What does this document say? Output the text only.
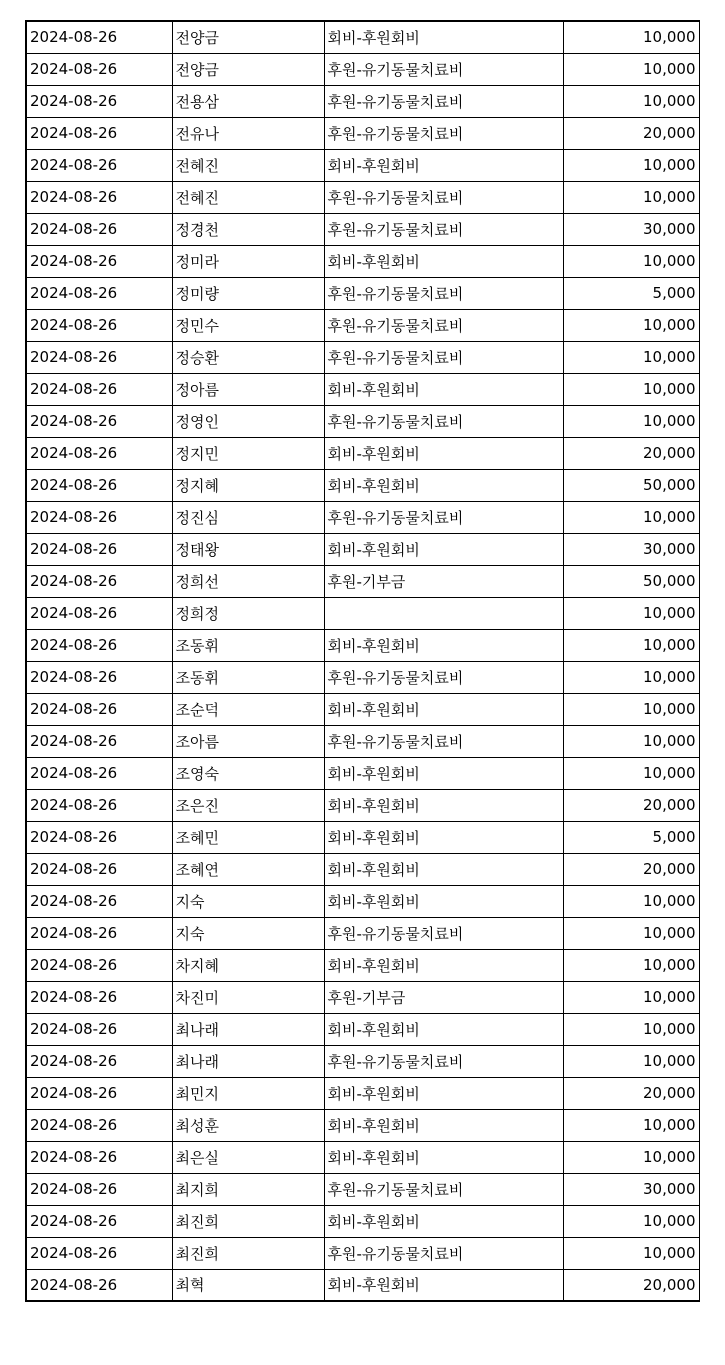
2024-08-26	전양금	회비-후원회비	10,000
2024-08-26	전양금	후원-유기동물치료비	10,000
2024-08-26	전용삼	후원-유기동물치료비	10,000
2024-08-26	전유나	후원-유기동물치료비	20,000
2024-08-26	전혜진	회비-후원회비	10,000
2024-08-26	전혜진	후원-유기동물치료비	10,000
2024-08-26	정경천	후원-유기동물치료비	30,000
2024-08-26	정미라	회비-후원회비	10,000
2024-08-26	정미량	후원-유기동물치료비	5,000
2024-08-26	정민수	후원-유기동물치료비	10,000
2024-08-26	정승환	후원-유기동물치료비	10,000
2024-08-26	정아름	회비-후원회비	10,000
2024-08-26	정영인	후원-유기동물치료비	10,000
2024-08-26	정지민	회비-후원회비	20,000
2024-08-26	정지혜	회비-후원회비	50,000
2024-08-26	정진심	후원-유기동물치료비	10,000
2024-08-26	정태왕	회비-후원회비	30,000
2024-08-26	정희선	후원-기부금	50,000
2024-08-26	정희정		10,000
2024-08-26	조동휘	회비-후원회비	10,000
2024-08-26	조동휘	후원-유기동물치료비	10,000
2024-08-26	조순덕	회비-후원회비	10,000
2024-08-26	조아름	후원-유기동물치료비	10,000
2024-08-26	조영숙	회비-후원회비	10,000
2024-08-26	조은진	회비-후원회비	20,000
2024-08-26	조혜민	회비-후원회비	5,000
2024-08-26	조혜연	회비-후원회비	20,000
2024-08-26	지숙	회비-후원회비	10,000
2024-08-26	지숙	후원-유기동물치료비	10,000
2024-08-26	차지혜	회비-후원회비	10,000
2024-08-26	차진미	후원-기부금	10,000
2024-08-26	최나래	회비-후원회비	10,000
2024-08-26	최나래	후원-유기동물치료비	10,000
2024-08-26	최민지	회비-후원회비	20,000
2024-08-26	최성훈	회비-후원회비	10,000
2024-08-26	최은실	회비-후원회비	10,000
2024-08-26	최지희	후원-유기동물치료비	30,000
2024-08-26	최진희	회비-후원회비	10,000
2024-08-26	최진희	후원-유기동물치료비	10,000
2024-08-26	최혁	회비-후원회비	20,000
